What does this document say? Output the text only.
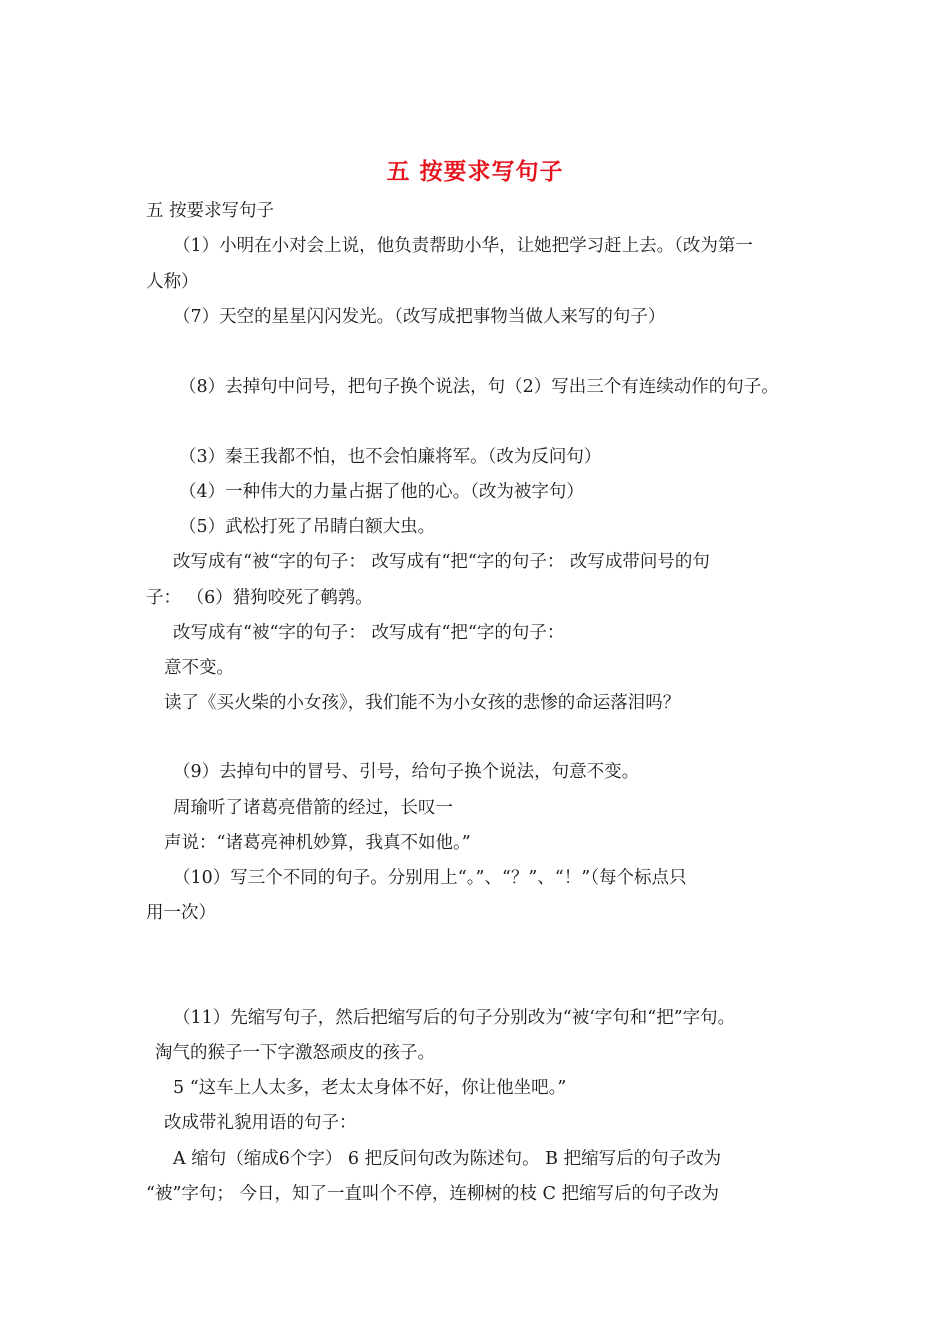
五 按要求写句子
五 按要求写句子
（1）小明在小对会上说，他负责帮助小华，让她把学习赶上去。（改为第一
人称）
（7）天空的星星闪闪发光。（改写成把事物当做人来写的句子）
（8）去掉句中问号，把句子换个说法，句（2）写出三个有连续动作的句子。
（3）秦王我都不怕，也不会怕廉将军。（改为反问句）
（4）一种伟大的力量占据了他的心。（改为被字句）
（5）武松打死了吊睛白额大虫。
改写成有“被“字的句子： 改写成有“把“字的句子： 改写成带问号的句
子： （6）猎狗咬死了鹌鹑。
改写成有“被“字的句子： 改写成有“把“字的句子：
意不变。
读了《买火柴的小女孩》，我们能不为小女孩的悲惨的命运落泪吗？
（9）去掉句中的冒号、引号，给句子换个说法，句意不变。
周瑜听了诸葛亮借箭的经过，长叹一
声说：“诸葛亮神机妙算，我真不如他。”
（10）写三个不同的句子。分别用上“。”、“？”、“！”（每个标点只
用一次）
（11）先缩写句子，然后把缩写后的句子分别改为“被‘字句和“把”字句。
淘气的猴子一下字激怒顽皮的孩子。
5 “这车上人太多，老太太身体不好，你让他坐吧。”
改成带礼貌用语的句子：
A 缩句（缩成6个字） 6 把反问句改为陈述句。 B 把缩写后的句子改为
“被”字句； 今日，知了一直叫个不停，连柳树的枝 C 把缩写后的句子改为
